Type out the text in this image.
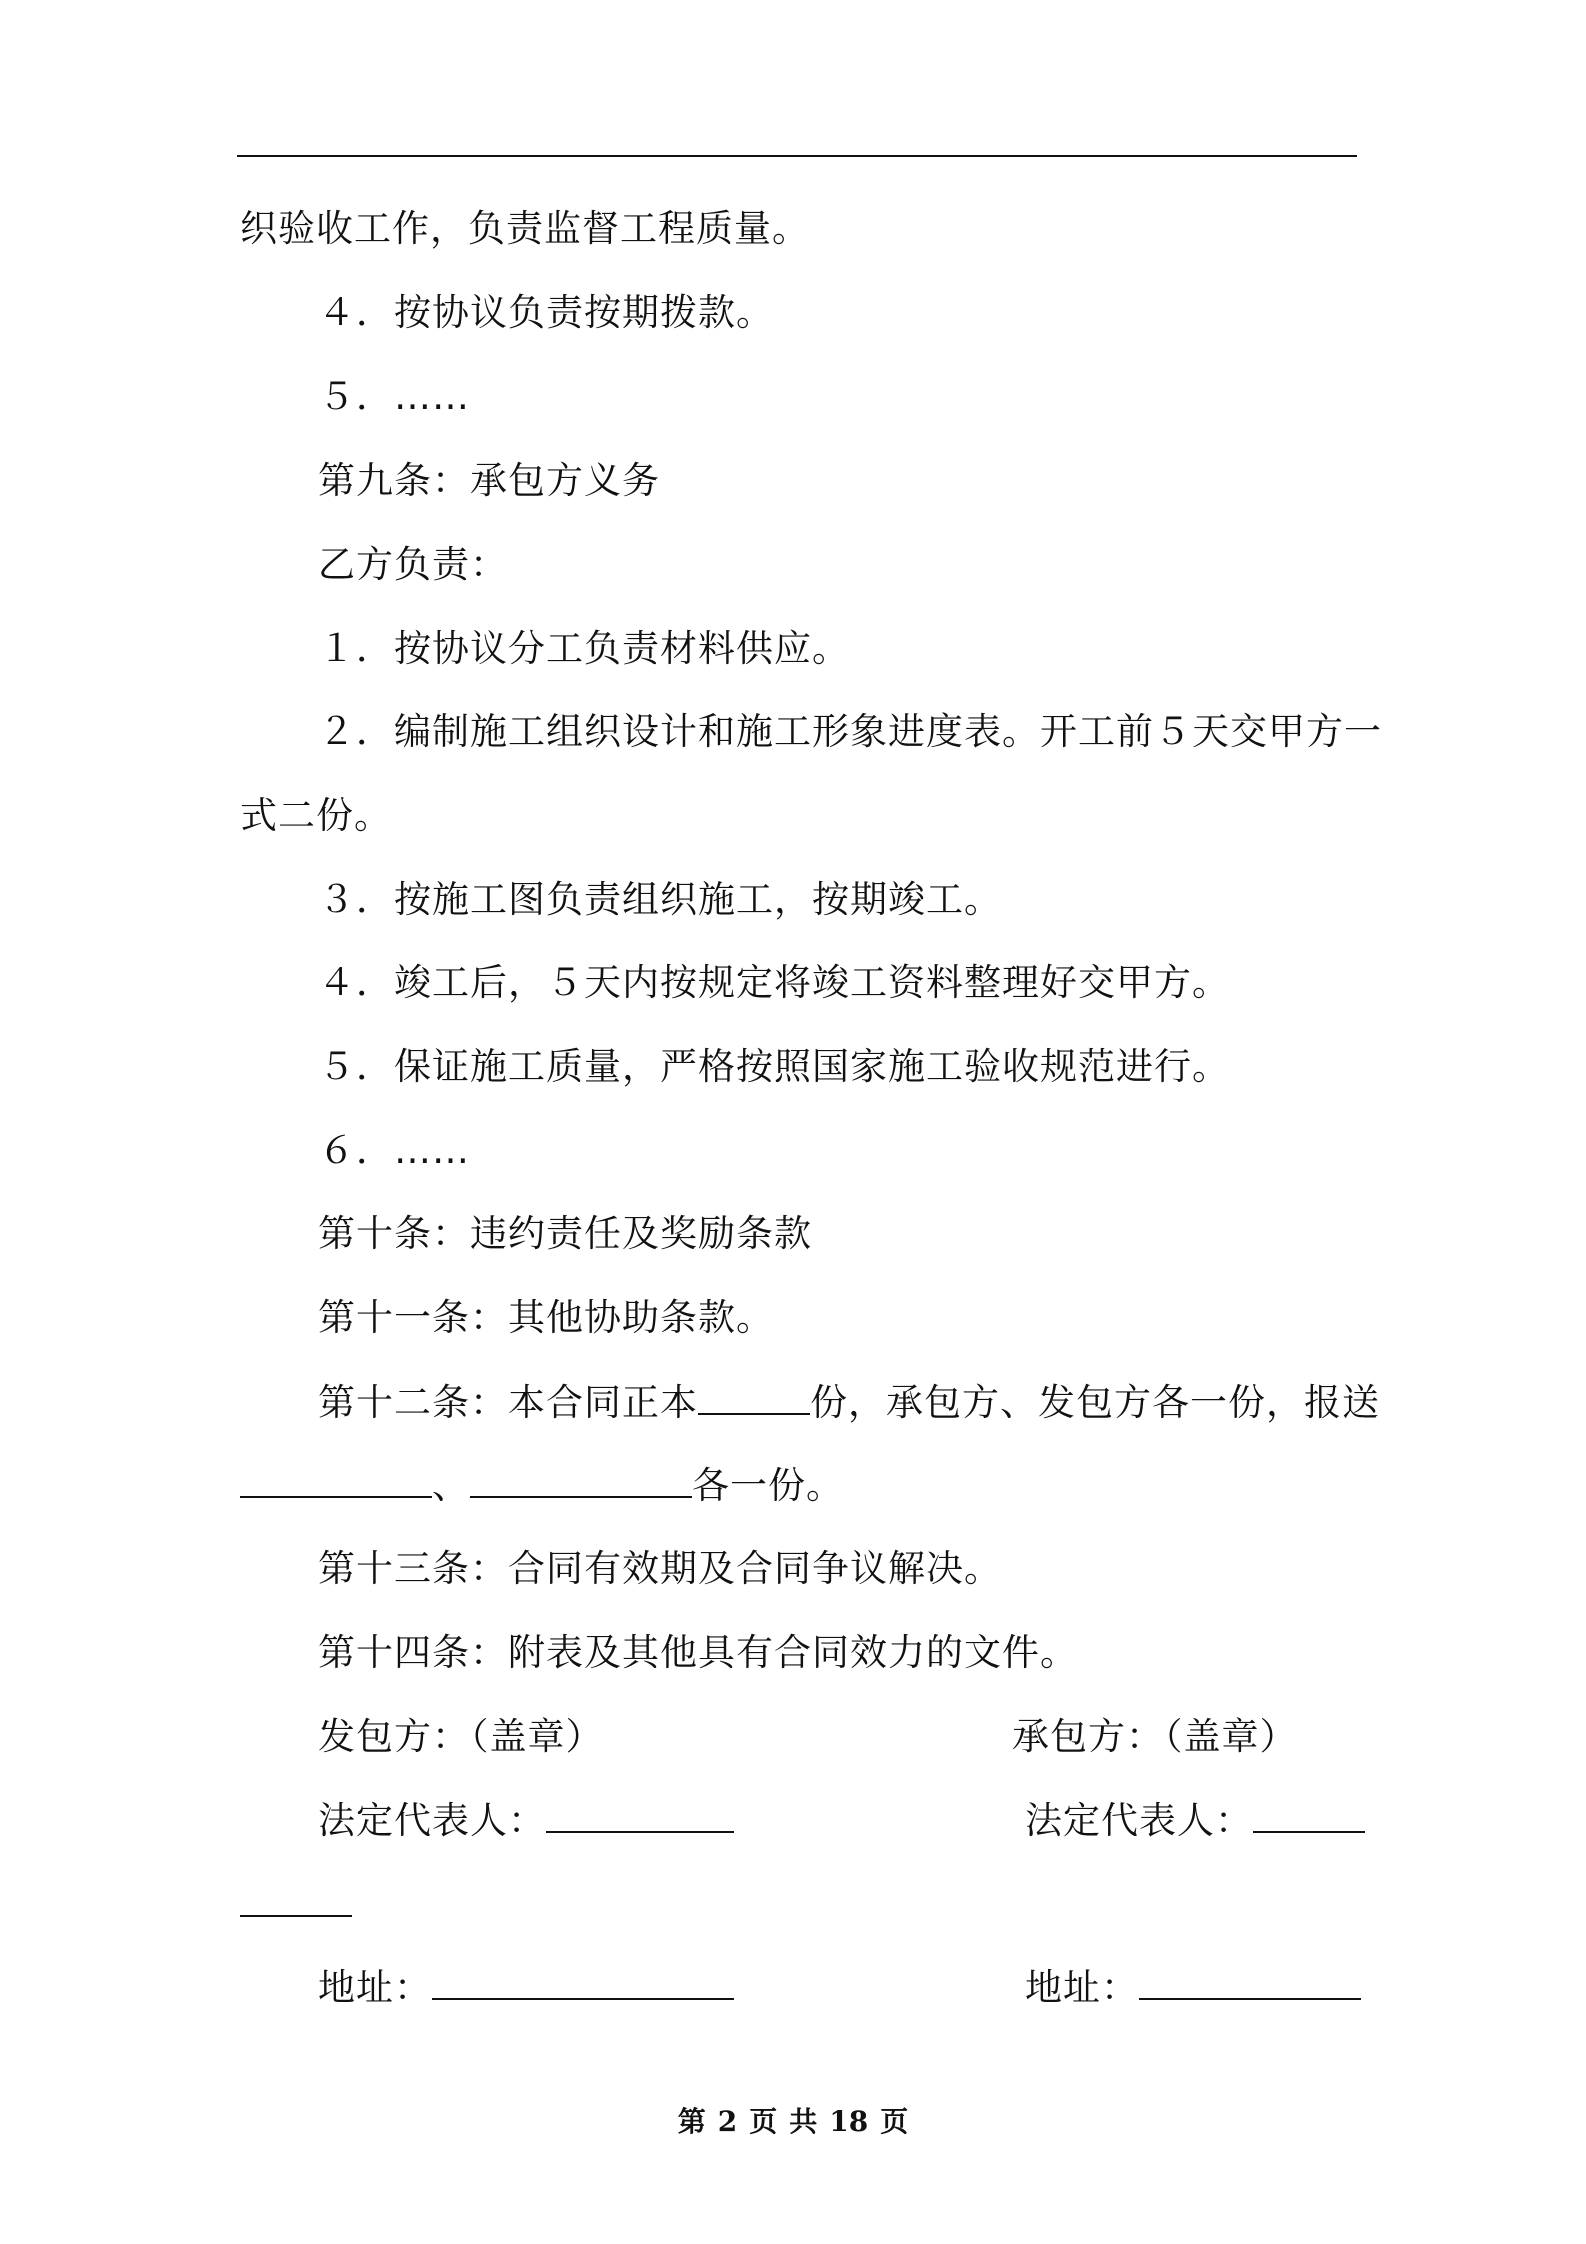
织验收工作，负责监督工程质量。
４．按协议负责按期拨款。
５．……
第九条：承包方义务
乙方负责：
１．按协议分工负责材料供应。
２．编制施工组织设计和施工形象进度表。开工前５天交甲方一
式二份。
３．按施工图负责组织施工，按期竣工。
４．竣工后，５天内按规定将竣工资料整理好交甲方。
５．保证施工质量，严格按照国家施工验收规范进行。
６．……
第十条：违约责任及奖励条款
第十一条：其他协助条款。
第十二条：本合同正本	份，承包方、发包方各一份，报送
、	各一份。
第十三条：合同有效期及合同争议解决。
第十四条：附表及其他具有合同效力的文件。
发包方：（盖章）	承包方：（盖章）
法定代表人：	法定代表人：
地址：	地址：
第 2 页 共 18 页
